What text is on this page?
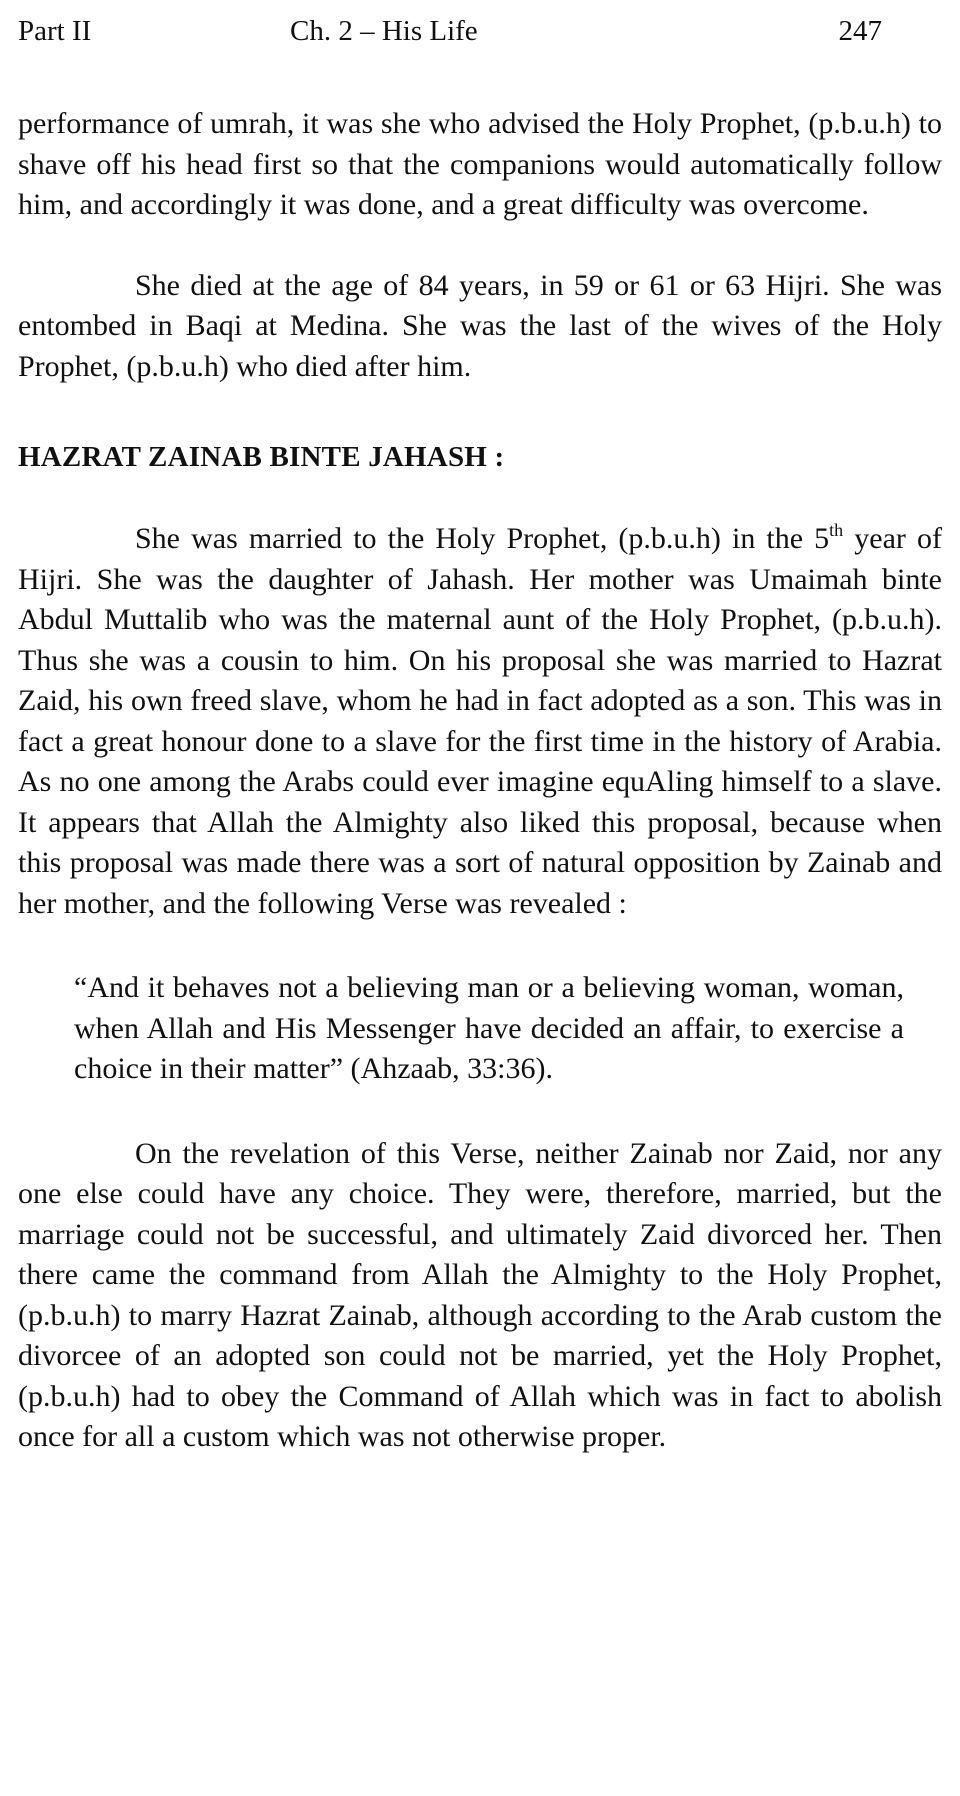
Part II	Ch. 2 – His Life	247

performance of umrah, it was she who advised the Holy Prophet, (p.b.u.h) to shave off his head first so that the companions would automatically follow him, and accordingly it was done, and a great difficulty was overcome.

She died at the age of 84 years, in 59 or 61 or 63 Hijri. She was entombed in Baqi at Medina. She was the last of the wives of the Holy Prophet, (p.b.u.h) who died after him.

HAZRAT ZAINAB BINTE JAHASH :

She was married to the Holy Prophet, (p.b.u.h) in the 5th year of Hijri. She was the daughter of Jahash. Her mother was Umaimah binte Abdul Muttalib who was the maternal aunt of the Holy Prophet, (p.b.u.h). Thus she was a cousin to him. On his proposal she was married to Hazrat Zaid, his own freed slave, whom he had in fact adopted as a son. This was in fact a great honour done to a slave for the first time in the history of Arabia. As no one among the Arabs could ever imagine equAling himself to a slave. It appears that Allah the Almighty also liked this proposal, because when this proposal was made there was a sort of natural opposition by Zainab and her mother, and the following Verse was revealed :

“And it behaves not a believing man or a believing woman, woman, when Allah and His Messenger have decided an affair, to exercise a choice in their matter” (Ahzaab, 33:36).

On the revelation of this Verse, neither Zainab nor Zaid, nor any one else could have any choice. They were, therefore, married, but the marriage could not be successful, and ultimately Zaid divorced her. Then there came the command from Allah the Almighty to the Holy Prophet, (p.b.u.h) to marry Hazrat Zainab, although according to the Arab custom the divorcee of an adopted son could not be married, yet the Holy Prophet, (p.b.u.h) had to obey the Command of Allah which was in fact to abolish once for all a custom which was not otherwise proper.
